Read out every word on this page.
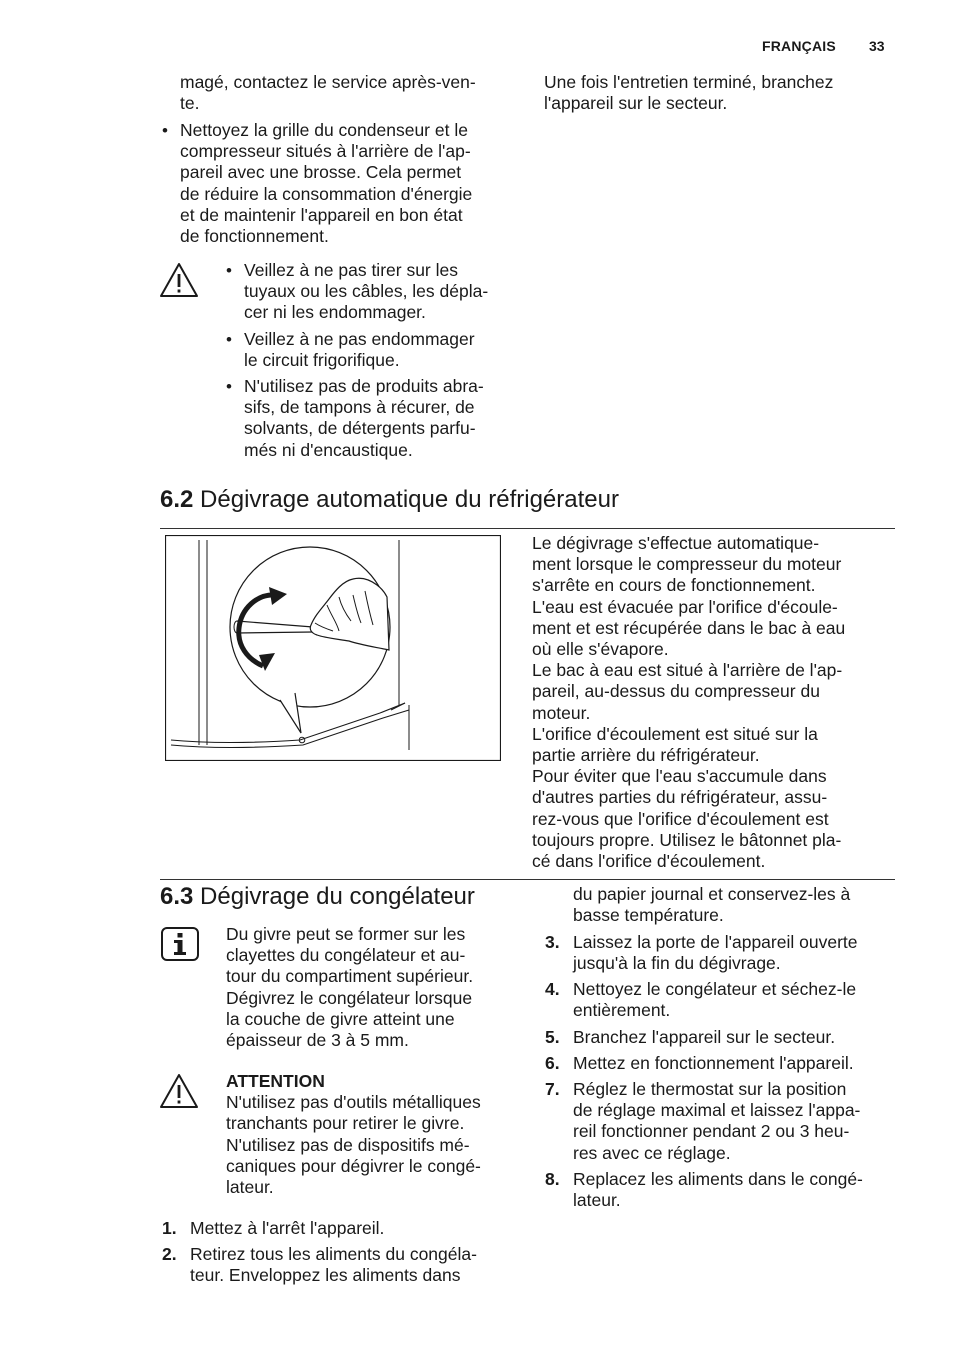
FRANÇAIS 33
magé, contactez le service après-ven-
te.
• Nettoyez la grille du condenseur et le
compresseur situés à l'arrière de l'ap-
pareil avec une brosse. Cela permet
de réduire la consommation d'énergie
et de maintenir l'appareil en bon état
de fonctionnement.
• Veillez à ne pas tirer sur les
tuyaux ou les câbles, les dépla-
cer ni les endommager.
• Veillez à ne pas endommager
le circuit frigorifique.
• N'utilisez pas de produits abra-
sifs, de tampons à récurer, de
solvants, de détergents parfu-
més ni d'encaustique.
Une fois l'entretien terminé, branchez
l'appareil sur le secteur.
6.2 Dégivrage automatique du réfrigérateur
Le dégivrage s'effectue automatique-
ment lorsque le compresseur du moteur
s'arrête en cours de fonctionnement.
L'eau est évacuée par l'orifice d'écoule-
ment et est récupérée dans le bac à eau
où elle s'évapore.
Le bac à eau est situé à l'arrière de l'ap-
pareil, au-dessus du compresseur du
moteur.
L'orifice d'écoulement est situé sur la
partie arrière du réfrigérateur.
Pour éviter que l'eau s'accumule dans
d'autres parties du réfrigérateur, assu-
rez-vous que l'orifice d'écoulement est
toujours propre. Utilisez le bâtonnet pla-
cé dans l'orifice d'écoulement.
6.3 Dégivrage du congélateur
Du givre peut se former sur les
clayettes du congélateur et au-
tour du compartiment supérieur.
Dégivrez le congélateur lorsque
la couche de givre atteint une
épaisseur de 3 à 5 mm.
ATTENTION
N'utilisez pas d'outils métalliques
tranchants pour retirer le givre.
N'utilisez pas de dispositifs mé-
caniques pour dégivrer le congé-
lateur.
1. Mettez à l'arrêt l'appareil.
2. Retirez tous les aliments du congéla-
teur. Enveloppez les aliments dans
du papier journal et conservez-les à
basse température.
3. Laissez la porte de l'appareil ouverte
jusqu'à la fin du dégivrage.
4. Nettoyez le congélateur et séchez-le
entièrement.
5. Branchez l'appareil sur le secteur.
6. Mettez en fonctionnement l'appareil.
7. Réglez le thermostat sur la position
de réglage maximal et laissez l'appa-
reil fonctionner pendant 2 ou 3 heu-
res avec ce réglage.
8. Replacez les aliments dans le congé-
lateur.
